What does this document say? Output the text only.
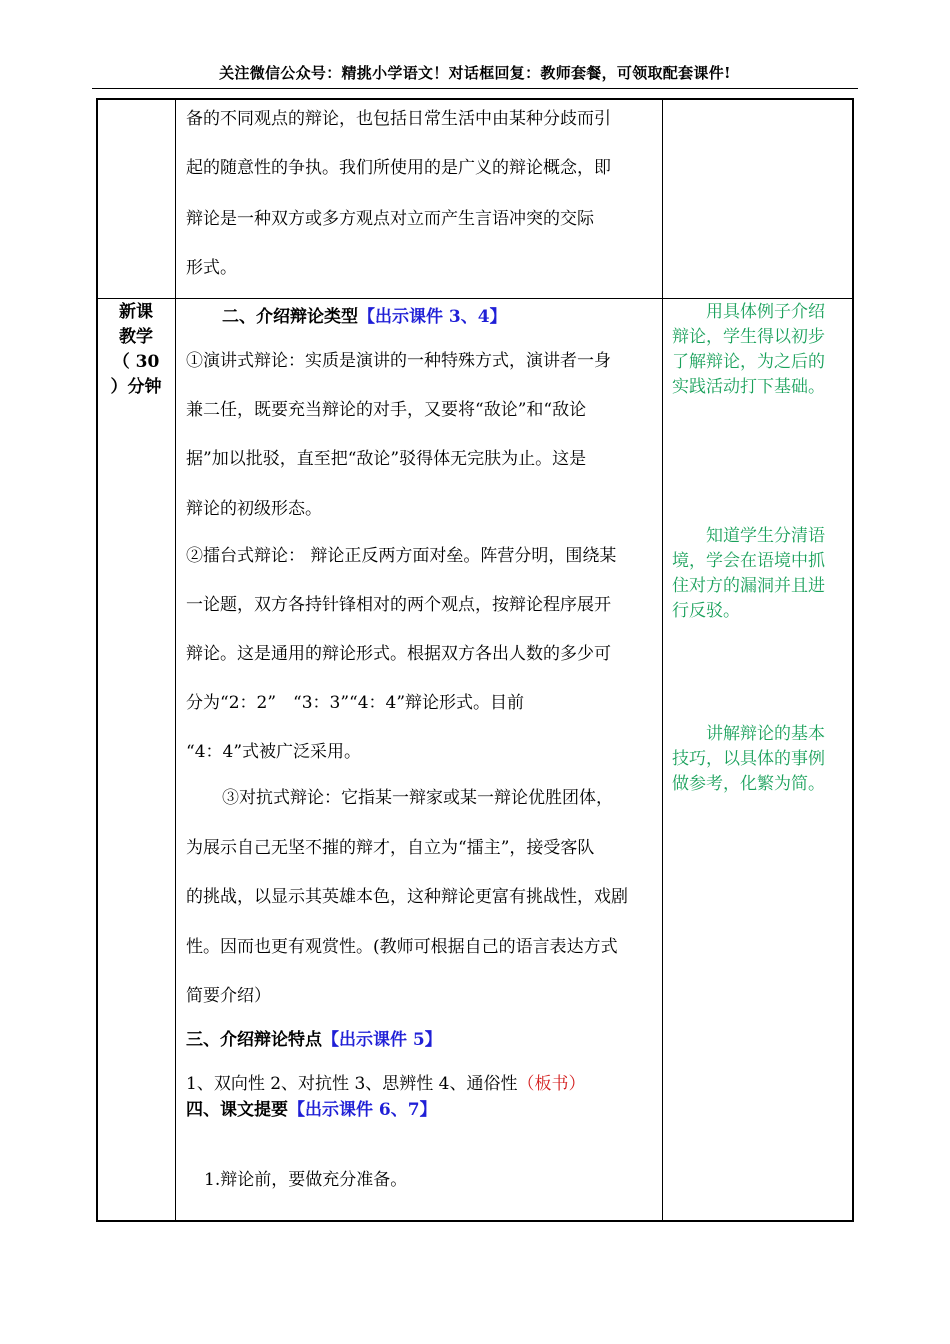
关注微信公众号：精挑小学语文！对话框回复：教师套餐，可领取配套课件!
备的不同观点的辩论，也包括日常生活中由某种分歧而引
起的随意性的争执。我们所使用的是广义的辩论概念，即
辩论是一种双方或多方观点对立而产生言语冲突的交际
形式。
新课
教学
（ 30
）分钟
二、介绍辩论类型【出示课件 3、4】
①演讲式辩论：实质是演讲的一种特殊方式，演讲者一身
兼二任，既要充当辩论的对手，又要将“敌论”和“敌论
据”加以批驳，直至把“敌论”驳得体无完肤为止。这是
辩论的初级形态。
②擂台式辩论： 辩论正反两方面对垒。阵营分明，围绕某
一论题，双方各持针锋相对的两个观点，按辩论程序展开
辩论。这是通用的辩论形式。根据双方各出人数的多少可
分为“2：2”　“3：3”“4：4”辩论形式。目前
“4：4”式被广泛采用。
③对抗式辩论：它指某一辩家或某一辩论优胜团体，
为展示自己无坚不摧的辩才，自立为“擂主”，接受客队
的挑战，以显示其英雄本色，这种辩论更富有挑战性，戏剧
性。因而也更有观赏性。(教师可根据自己的语言表达方式
简要介绍）
三、介绍辩论特点【出示课件 5】
1、双向性 2、对抗性 3、思辨性 4、通俗性（板书）
四、课文提要【出示课件 6、7】
1.辩论前，要做充分准备。

　　用具体例子介绍

辩论，学生得以初步

了解辩论，为之后的

实践活动打下基础。

　　知道学生分清语

境，学会在语境中抓

住对方的漏洞并且进

行反驳。

　　讲解辩论的基本

技巧，以具体的事例

做参考，化繁为简。
